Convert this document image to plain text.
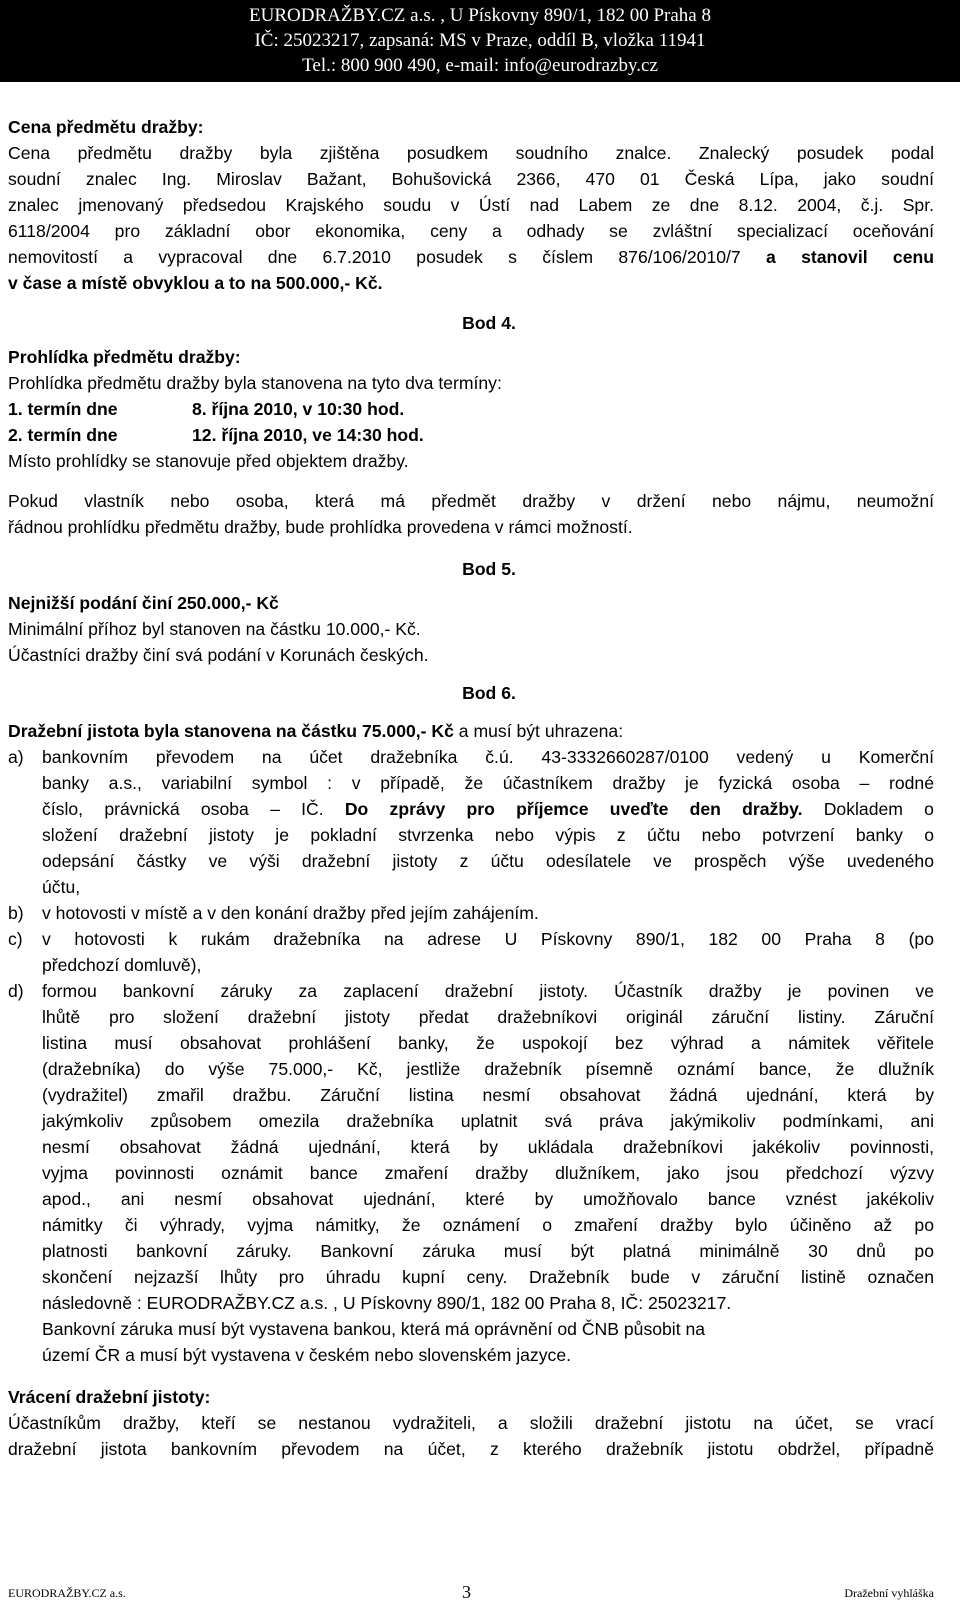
EURODRAŽBY.CZ a.s. , U Pískovny 890/1, 182 00 Praha 8
IČ: 25023217, zapsaná: MS v Praze, oddíl B, vložka 11941
Tel.: 800 900 490, e-mail: info@eurodrazby.cz
Cena předmětu dražby:
Cena předmětu dražby byla zjištěna posudkem soudního znalce. Znalecký posudek podal
soudní znalec Ing. Miroslav Bažant, Bohušovická 2366, 470 01 Česká Lípa, jako soudní
znalec jmenovaný předsedou Krajského soudu v Ústí nad Labem ze dne 8.12. 2004, č.j. Spr.
6118/2004 pro základní obor ekonomika, ceny a odhady se zvláštní specializací oceňování
nemovitostí a vypracoval dne 6.7.2010 posudek s číslem 876/106/2010/7 a stanovil cenu
v čase a místě obvyklou a to na 500.000,- Kč.
Bod 4.
Prohlídka předmětu dražby:
Prohlídka předmětu dražby byla stanovena na tyto dva termíny:
1. termín dne	8. října 2010, v 10:30 hod.
2. termín dne	12. října 2010, ve 14:30 hod.
Místo prohlídky se stanovuje před objektem dražby.
Pokud vlastník nebo osoba, která má předmět dražby v držení nebo nájmu, neumožní
řádnou prohlídku předmětu dražby, bude prohlídka provedena v rámci možností.
Bod 5.
Nejnižší podání činí 250.000,- Kč
Minimální příhoz byl stanoven na částku 10.000,- Kč.
Účastníci dražby činí svá podání v Korunách českých.
Bod 6.
Dražební jistota byla stanovena na částku 75.000,- Kč a musí být uhrazena:
a)	bankovním převodem na účet dražebníka č.ú. 43-3332660287/0100 vedený u Komerční
banky a.s., variabilní symbol : v případě, že účastníkem dražby je fyzická osoba – rodné
číslo, právnická osoba – IČ. Do zprávy pro příjemce uveďte den dražby. Dokladem o
složení dražební jistoty je pokladní stvrzenka nebo výpis z účtu nebo potvrzení banky o
odepsání částky ve výši dražební jistoty z účtu odesílatele ve prospěch výše uvedeného
účtu,
b)	v hotovosti v místě a v den konání dražby před jejím zahájením.
c)	v hotovosti k rukám dražebníka na adrese U Pískovny 890/1, 182 00 Praha 8 (po
předchozí domluvě),
d)	formou bankovní záruky za zaplacení dražební jistoty. Účastník dražby je povinen ve
lhůtě pro složení dražební jistoty předat dražebníkovi originál záruční listiny. Záruční
listina musí obsahovat prohlášení banky, že uspokojí bez výhrad a námitek věřitele
(dražebníka) do výše 75.000,- Kč, jestliže dražebník písemně oznámí bance, že dlužník
(vydražitel) zmařil dražbu. Záruční listina nesmí obsahovat žádná ujednání, která by
jakýmkoliv způsobem omezila dražebníka uplatnit svá práva jakýmikoliv podmínkami, ani
nesmí obsahovat žádná ujednání, která by ukládala dražebníkovi jakékoliv povinnosti,
vyjma povinnosti oznámit bance zmaření dražby dlužníkem, jako jsou předchozí výzvy
apod., ani nesmí obsahovat ujednání, které by umožňovalo bance vznést jakékoliv
námitky či výhrady, vyjma námitky, že oznámení o zmaření dražby bylo účiněno až po
platnosti bankovní záruky. Bankovní záruka musí být platná minimálně 30 dnů po
skončení nejzazší lhůty pro úhradu kupní ceny. Dražebník bude v záruční listině označen
následovně : EURODRAŽBY.CZ a.s. , U Pískovny 890/1, 182 00 Praha 8, IČ: 25023217.
Bankovní záruka musí být vystavena bankou, která má oprávnění od ČNB působit na
území ČR a musí být vystavena v českém nebo slovenském jazyce.
Vrácení dražební jistoty:
Účastníkům dražby, kteří se nestanou vydražiteli, a složili dražební jistotu na účet, se vrací
dražební jistota bankovním převodem na účet, z kterého dražebník jistotu obdržel, případně
EURODRAŽBY.CZ a.s.	3	Dražební vyhláška
